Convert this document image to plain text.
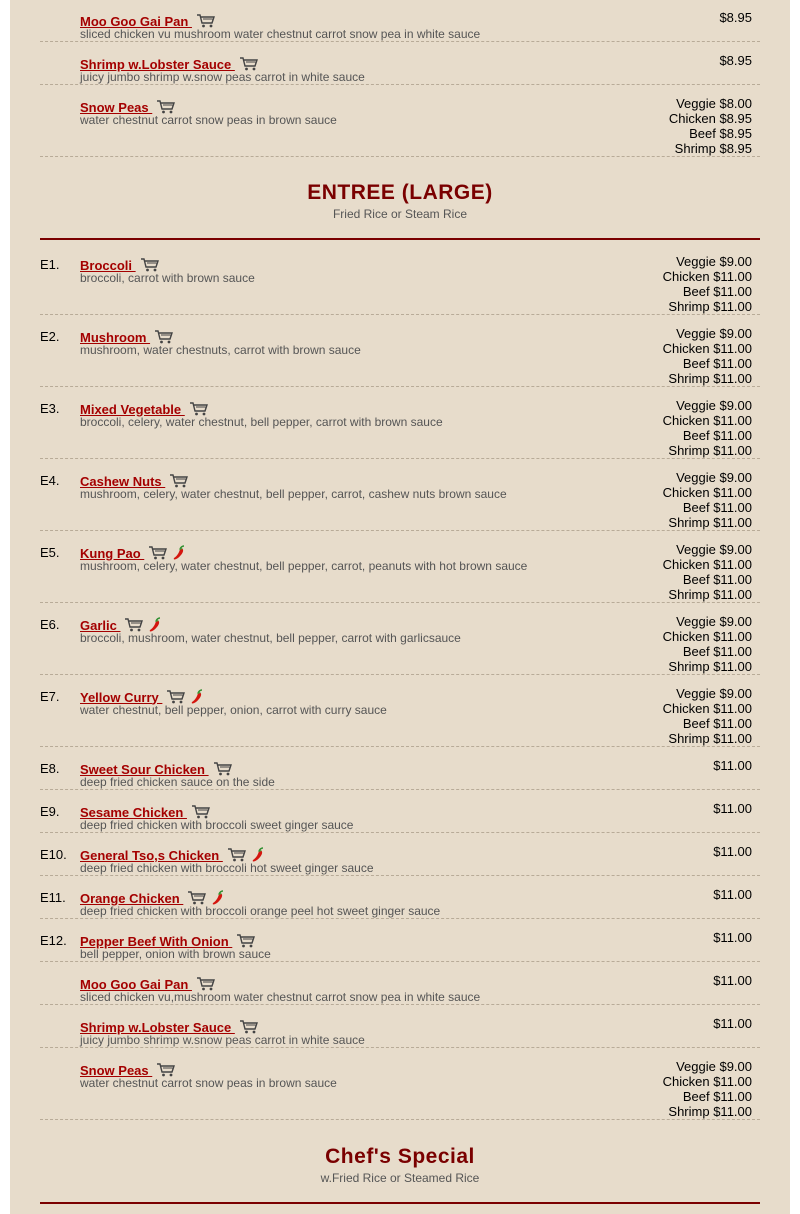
Moo Goo Gai Pan
sliced chicken vu mushroom water chestnut carrot snow pea in white sauce
$8.95
Shrimp w.Lobster Sauce
juicy jumbo shrimp w.snow peas carrot in white sauce
$8.95
Snow Peas
water chestnut carrot snow peas in brown sauce
Veggie $8.00
Chicken $8.95
Beef $8.95
Shrimp $8.95
ENTREE (LARGE)
Fried Rice or Steam Rice
E1. Broccoli
broccoli, carrot with brown sauce
Veggie $9.00
Chicken $11.00
Beef $11.00
Shrimp $11.00
E2. Mushroom
mushroom, water chestnuts, carrot with brown sauce
Veggie $9.00
Chicken $11.00
Beef $11.00
Shrimp $11.00
E3. Mixed Vegetable
broccoli, celery, water chestnut, bell pepper, carrot with brown sauce
Veggie $9.00
Chicken $11.00
Beef $11.00
Shrimp $11.00
E4. Cashew Nuts
mushroom, celery, water chestnut, bell pepper, carrot, cashew nuts brown sauce
Veggie $9.00
Chicken $11.00
Beef $11.00
Shrimp $11.00
E5. Kung Pao
mushroom, celery, water chestnut, bell pepper, carrot, peanuts with hot brown sauce
Veggie $9.00
Chicken $11.00
Beef $11.00
Shrimp $11.00
E6. Garlic
broccoli, mushroom, water chestnut, bell pepper, carrot with garlicsauce
Veggie $9.00
Chicken $11.00
Beef $11.00
Shrimp $11.00
E7. Yellow Curry
water chestnut, bell pepper, onion, carrot with curry sauce
Veggie $9.00
Chicken $11.00
Beef $11.00
Shrimp $11.00
E8. Sweet Sour Chicken
deep fried chicken sauce on the side
$11.00
E9. Sesame Chicken
deep fried chicken with broccoli sweet ginger sauce
$11.00
E10. General Tso,s Chicken
deep fried chicken with broccoli hot sweet ginger sauce
$11.00
E11. Orange Chicken
deep fried chicken with broccoli orange peel hot sweet ginger sauce
$11.00
E12. Pepper Beef With Onion
bell pepper, onion with brown sauce
$11.00
Moo Goo Gai Pan
sliced chicken vu,mushroom water chestnut carrot snow pea in white sauce
$11.00
Shrimp w.Lobster Sauce
juicy jumbo shrimp w.snow peas carrot in white sauce
$11.00
Snow Peas
water chestnut carrot snow peas in brown sauce
Veggie $9.00
Chicken $11.00
Beef $11.00
Shrimp $11.00
Chef's Special
w.Fried Rice or Steamed Rice
